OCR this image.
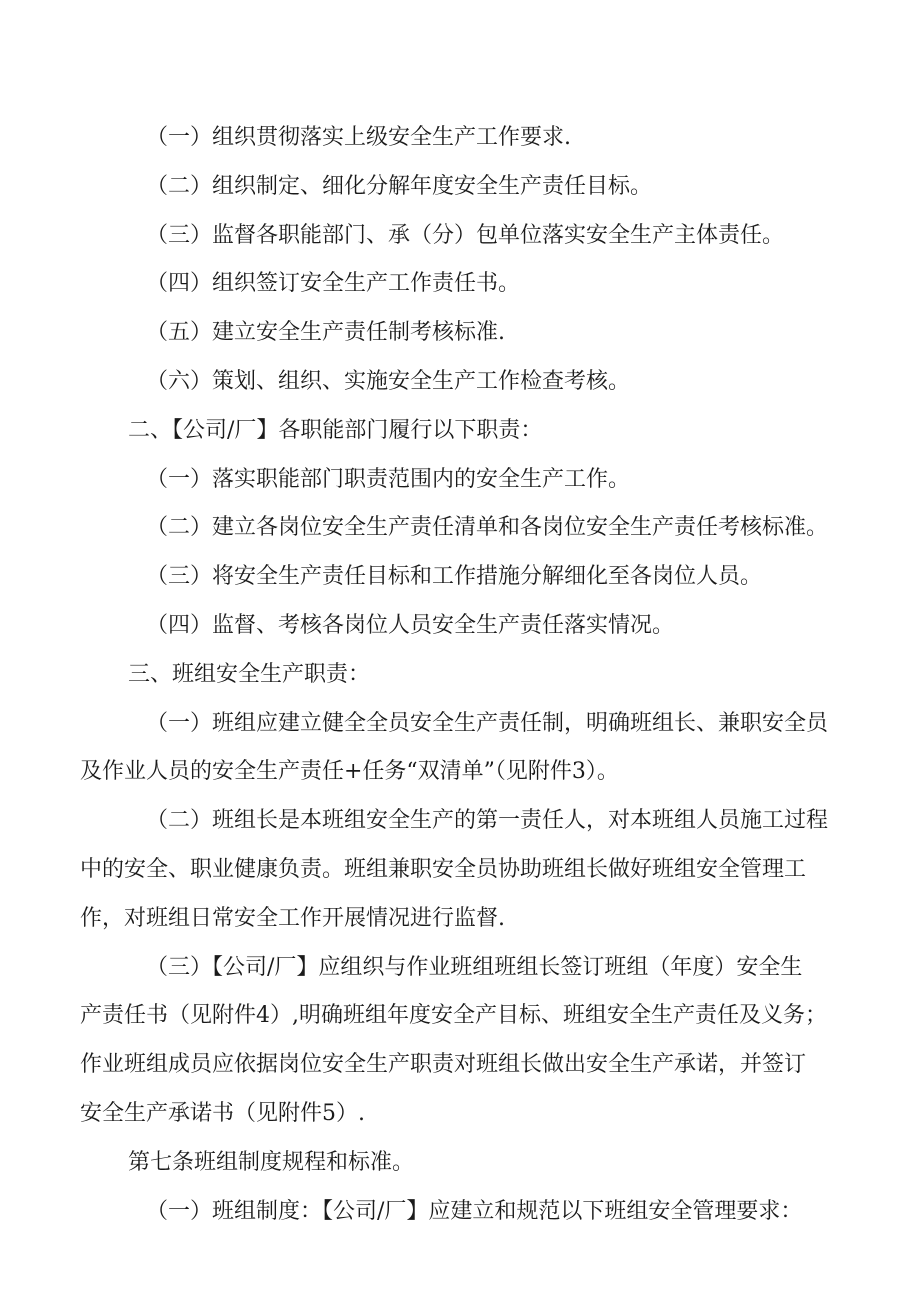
（一）组织贯彻落实上级安全生产工作要求.

（二）组织制定、细化分解年度安全生产责任目标。

（三）监督各职能部门、承（分）包单位落实安全生产主体责任。

（四）组织签订安全生产工作责任书。

（五）建立安全生产责任制考核标准.

（六）策划、组织、实施安全生产工作检查考核。

二、【公司/厂】各职能部门履行以下职责：

（一）落实职能部门职责范围内的安全生产工作。

（二）建立各岗位安全生产责任清单和各岗位安全生产责任考核标准。

（三）将安全生产责任目标和工作措施分解细化至各岗位人员。

（四）监督、考核各岗位人员安全生产责任落实情况。

三、班组安全生产职责：

（一）班组应建立健全全员安全生产责任制，明确班组长、兼职安全员

及作业人员的安全生产责任+任务“双清单”（见附件3）。

（二）班组长是本班组安全生产的第一责任人，对本班组人员施工过程

中的安全、职业健康负责。班组兼职安全员协助班组长做好班组安全管理工

作，对班组日常安全工作开展情况进行监督.

（三）【公司/厂】应组织与作业班组班组长签订班组（年度）安全生

产责任书（见附件4）,明确班组年度安全产目标、班组安全生产责任及义务；

作业班组成员应依据岗位安全生产职责对班组长做出安全生产承诺，并签订

安全生产承诺书（见附件5）.

第七条班组制度规程和标准。

（一）班组制度：【公司/厂】应建立和规范以下班组安全管理要求：
